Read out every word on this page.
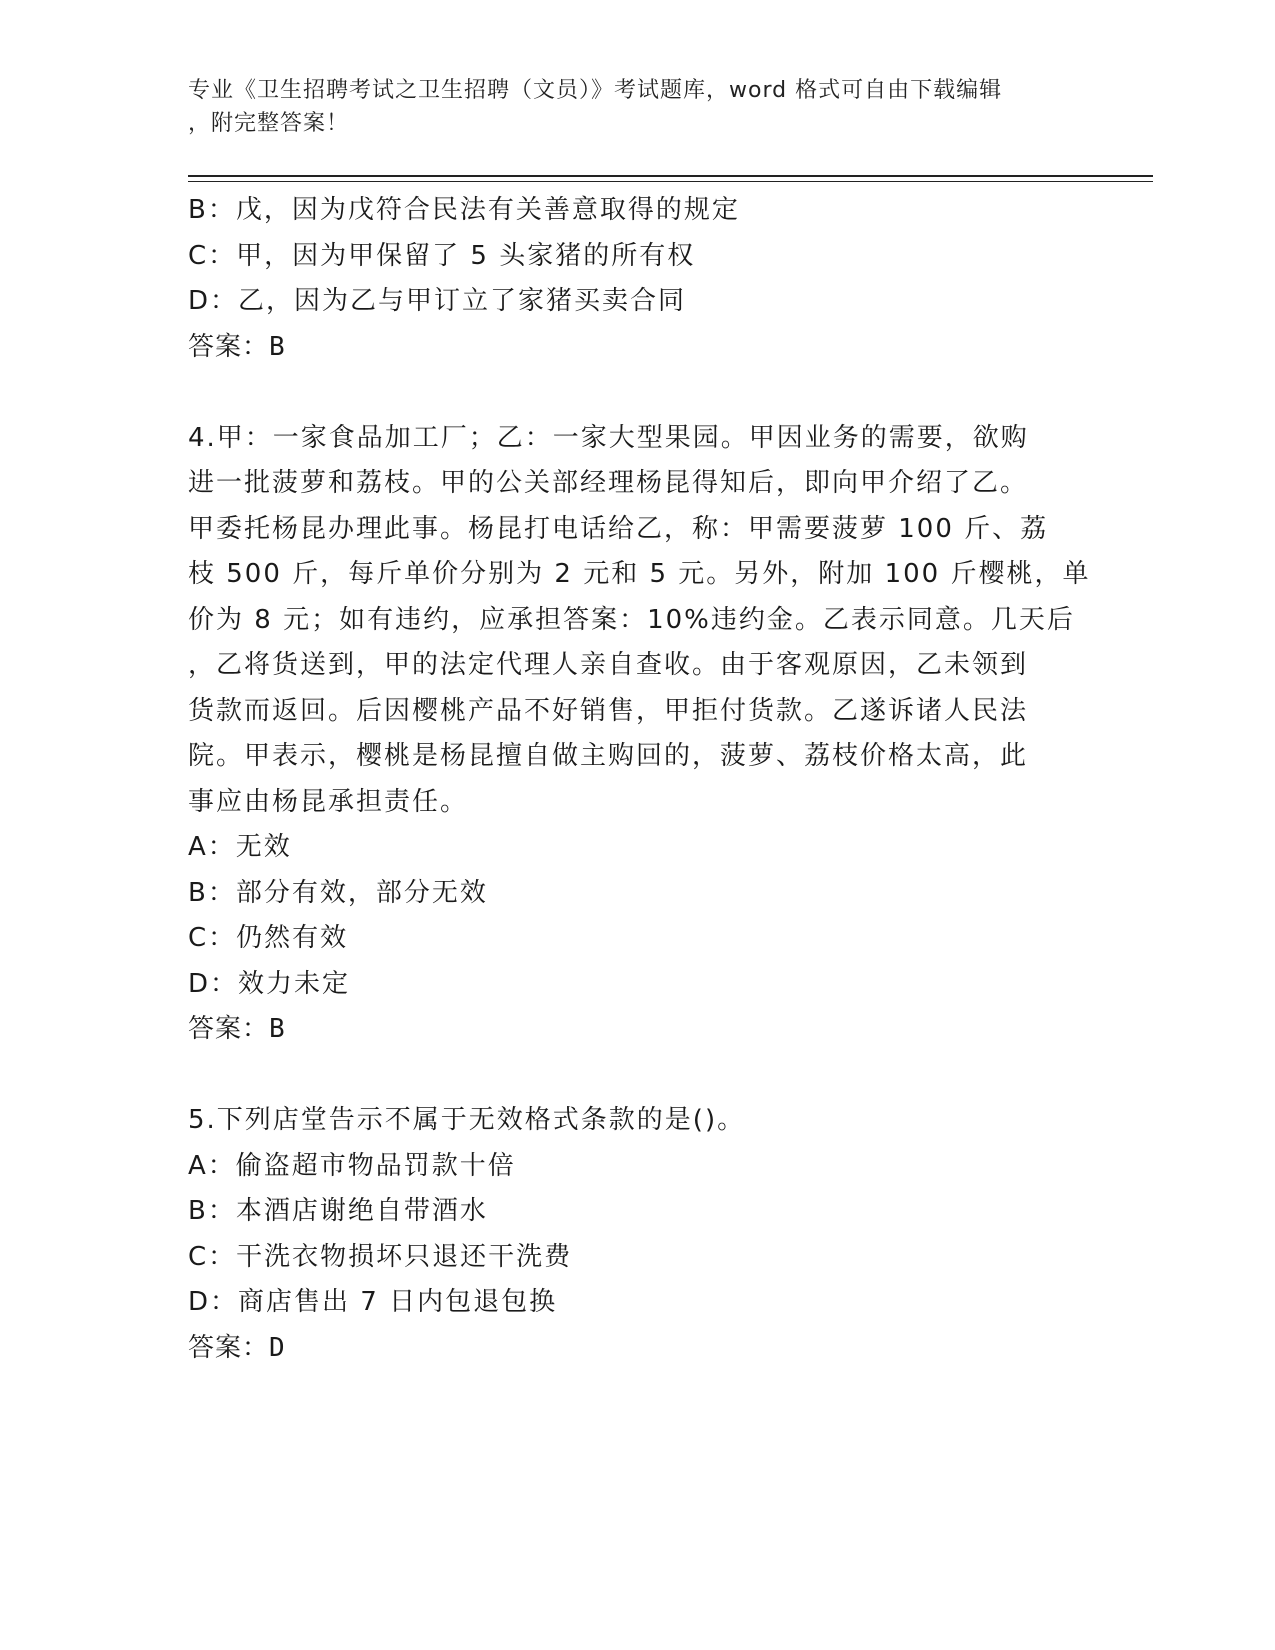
专业《卫生招聘考试之卫生招聘（文员）》考试题库，word 格式可自由下载编辑
，附完整答案！
B：戊，因为戊符合民法有关善意取得的规定
C：甲，因为甲保留了 5 头家猪的所有权
D：乙，因为乙与甲订立了家猪买卖合同
答案：B
4.甲：一家食品加工厂；乙：一家大型果园。甲因业务的需要，欲购
进一批菠萝和荔枝。甲的公关部经理杨昆得知后，即向甲介绍了乙。
甲委托杨昆办理此事。杨昆打电话给乙，称：甲需要菠萝 100 斤、荔
枝 500 斤，每斤单价分别为 2 元和 5 元。另外，附加 100 斤樱桃，单
价为 8 元；如有违约，应承担答案：10%违约金。乙表示同意。几天后
，乙将货送到，甲的法定代理人亲自查收。由于客观原因，乙未领到
货款而返回。后因樱桃产品不好销售，甲拒付货款。乙遂诉诸人民法
院。甲表示，樱桃是杨昆擅自做主购回的，菠萝、荔枝价格太高，此
事应由杨昆承担责任。
A：无效
B：部分有效，部分无效
C：仍然有效
D：效力未定
答案：B
5.下列店堂告示不属于无效格式条款的是()。
A：偷盗超市物品罚款十倍
B：本酒店谢绝自带酒水
C：干洗衣物损坏只退还干洗费
D：商店售出 7 日内包退包换
答案：D
